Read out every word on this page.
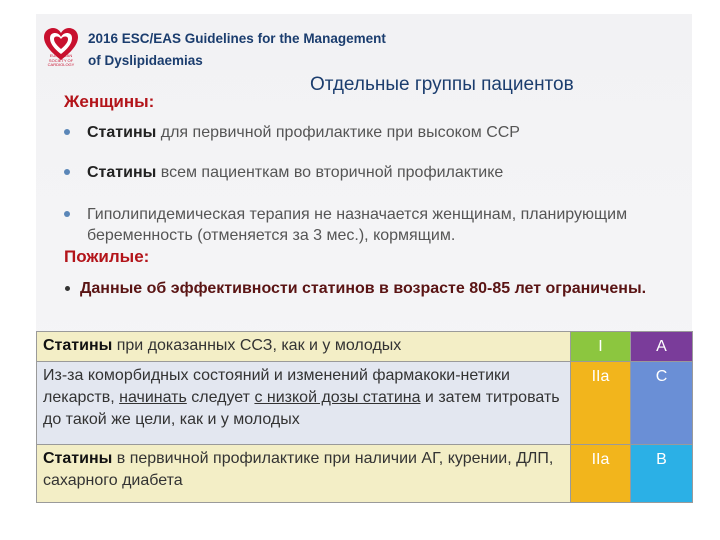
EUROPEAN SOCIETY OF CARDIOLOGY
2016 ESC/EAS Guidelines for the Management
of Dyslipidaemias
Отдельные группы пациентов
Женщины:
Статины для первичной профилактике при высоком ССР
Статины всем пациенткам во вторичной профилактике
Гиполипидемическая терапия не назначается женщинам, планирующим беременность (отменяется за 3 мес.), кормящим.
Пожилые:
Данные об эффективности статинов в возрасте 80-85 лет ограничены.
Статины при доказанных ССЗ, как и у молодых	I	A
Из-за коморбидных состояний и изменений фармакоки-нетики лекарств, начинать следует с низкой дозы статина и затем титровать до такой же цели, как и у молодых	IIa	C
Статины в первичной профилактике при наличии АГ, курении, ДЛП, сахарного диабета	IIa	B
